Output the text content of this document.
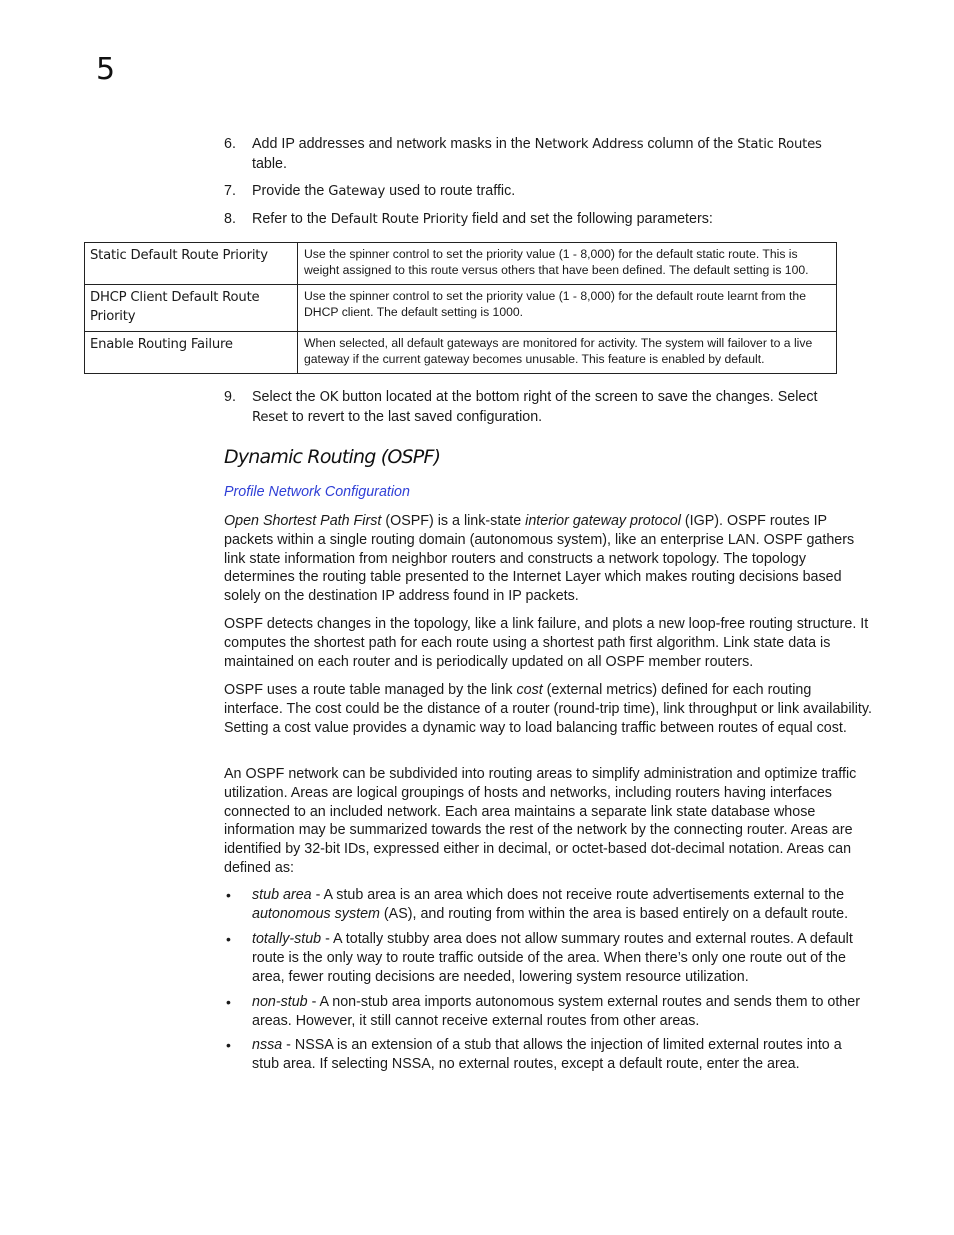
5
6.	Add IP addresses and network masks in the Network Address column of the Static Routes
table.
7.	Provide the Gateway used to route traffic.
8.	Refer to the Default Route Priority field and set the following parameters:
Static Default Route Priority	Use the spinner control to set the priority value (1 - 8,000) for the default static route. This is weight assigned to this route versus others that have been defined. The default setting is 100.
DHCP Client Default Route Priority	Use the spinner control to set the priority value (1 - 8,000) for the default route learnt from the DHCP client. The default setting is 1000.
Enable Routing Failure	When selected, all default gateways are monitored for activity. The system will failover to a live gateway if the current gateway becomes unusable. This feature is enabled by default.
9.	Select the OK button located at the bottom right of the screen to save the changes. Select
Reset to revert to the last saved configuration.
Dynamic Routing (OSPF)
Profile Network Configuration

Open Shortest Path First (OSPF) is a link-state interior gateway protocol (IGP). OSPF routes IP packets within a single routing domain (autonomous system), like an enterprise LAN. OSPF gathers link state information from neighbor routers and constructs a network topology. The topology determines the routing table presented to the Internet Layer which makes routing decisions based solely on the destination IP address found in IP packets.

OSPF detects changes in the topology, like a link failure, and plots a new loop-free routing structure. It computes the shortest path for each route using a shortest path first algorithm. Link state data is maintained on each router and is periodically updated on all OSPF member routers.

OSPF uses a route table managed by the link cost (external metrics) defined for each routing interface. The cost could be the distance of a router (round-trip time), link throughput or link availability. Setting a cost value provides a dynamic way to load balancing traffic between routes of equal cost.

An OSPF network can be subdivided into routing areas to simplify administration and optimize traffic utilization. Areas are logical groupings of hosts and networks, including routers having interfaces connected to an included network. Each area maintains a separate link state database whose information may be summarized towards the rest of the network by the connecting router. Areas are identified by 32-bit IDs, expressed either in decimal, or octet-based dot-decimal notation. Areas can defined as:

• stub area - A stub area is an area which does not receive route advertisements external to the autonomous system (AS), and routing from within the area is based entirely on a default route.
• totally-stub - A totally stubby area does not allow summary routes and external routes. A default route is the only way to route traffic outside of the area. When there’s only one route out of the area, fewer routing decisions are needed, lowering system resource utilization.
• non-stub - A non-stub area imports autonomous system external routes and sends them to other areas. However, it still cannot receive external routes from other areas.
• nssa - NSSA is an extension of a stub that allows the injection of limited external routes into a stub area. If selecting NSSA, no external routes, except a default route, enter the area.
